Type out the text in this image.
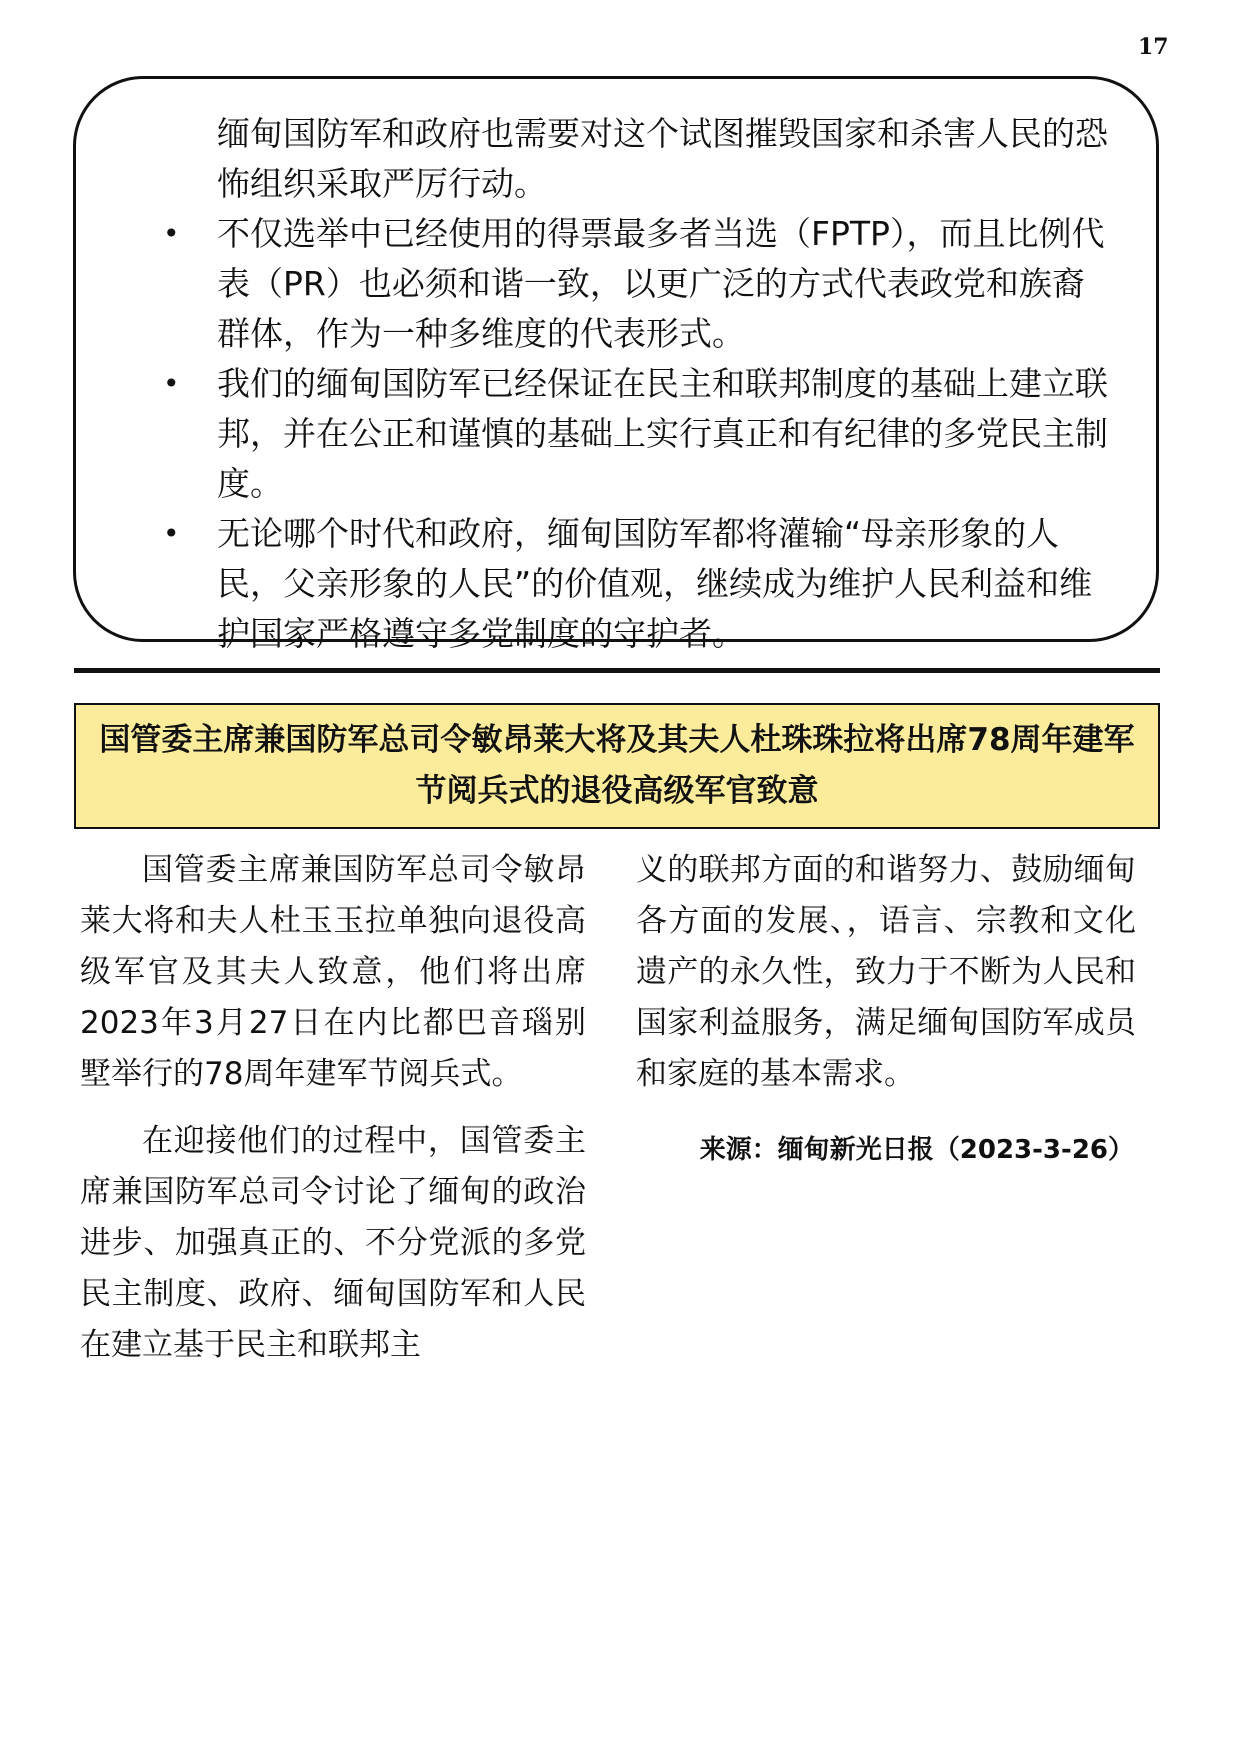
17
缅甸国防军和政府也需要对这个试图摧毁国家和杀害人民的恐怖组织采取严厉行动。
• 不仅选举中已经使用的得票最多者当选（FPTP），而且比例代表（PR）也必须和谐一致，以更广泛的方式代表政党和族裔群体，作为一种多维度的代表形式。
• 我们的缅甸国防军已经保证在民主和联邦制度的基础上建立联邦，并在公正和谨慎的基础上实行真正和有纪律的多党民主制度。
• 无论哪个时代和政府，缅甸国防军都将灌输“母亲形象的人民，父亲形象的人民”的价值观，继续成为维护人民利益和维护国家严格遵守多党制度的守护者。
国管委主席兼国防军总司令敏昂莱大将及其夫人杜珠珠拉将出席78周年建军节阅兵式的退役高级军官致意

国管委主席兼国防军总司令敏昂莱大将和夫人杜玉玉拉单独向退役高级军官及其夫人致意，他们将出席2023年3月27日在内比都巴音瑙别墅举行的78周年建军节阅兵式。

在迎接他们的过程中，国管委主席兼国防军总司令讨论了缅甸的政治进步、加强真正的、不分党派的多党民主制度、政府、缅甸国防军和人民在建立基于民主和联邦主

义的联邦方面的和谐努力、鼓励缅甸各方面的发展、，语言、宗教和文化遗产的永久性，致力于不断为人民和国家利益服务，满足缅甸国防军成员和家庭的基本需求。

来源：缅甸新光日报（2023-3-26）
